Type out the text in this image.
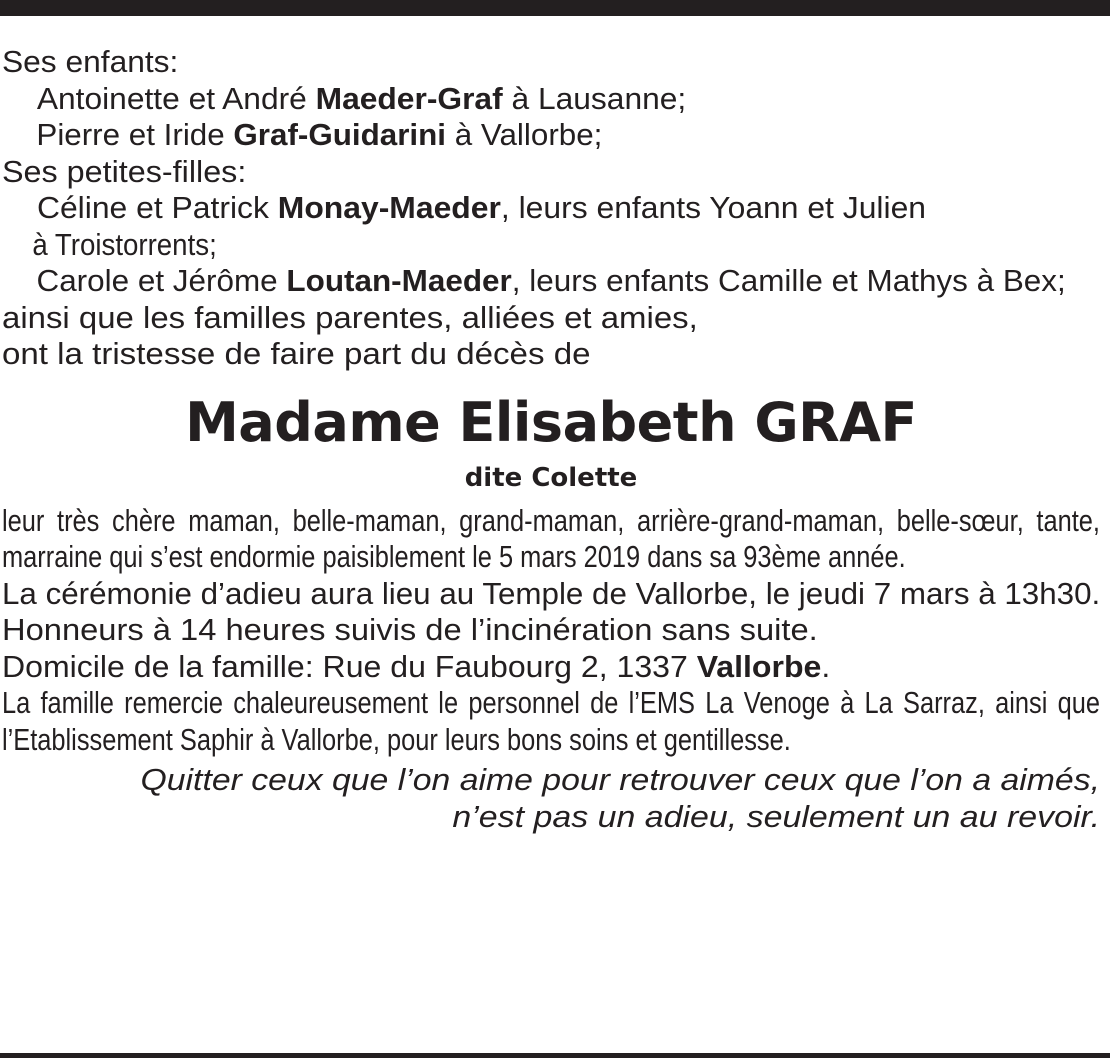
Ses enfants:
Antoinette et André Maeder-Graf à Lausanne;
Pierre et Iride Graf-Guidarini à Vallorbe;
Ses petites-filles:
Céline et Patrick Monay-Maeder, leurs enfants Yoann et Julien
à Troistorrents;
Carole et Jérôme Loutan-Maeder, leurs enfants Camille et Mathys à Bex;
ainsi que les familles parentes, alliées et amies,
ont la tristesse de faire part du décès de
Madame Elisabeth GRAF
dite Colette
leur très chère maman, belle-maman, grand-maman, arrière-grand-maman, belle-sœur, tante, marraine qui s’est endormie paisiblement le 5 mars 2019 dans sa 93ème année.
La cérémonie d’adieu aura lieu au Temple de Vallorbe, le jeudi 7 mars à 13h30.
Honneurs à 14 heures suivis de l’incinération sans suite.
Domicile de la famille: Rue du Faubourg 2, 1337 Vallorbe.
La famille remercie chaleureusement le personnel de l’EMS La Venoge à La Sarraz, ainsi que l’Etablissement Saphir à Vallorbe, pour leurs bons soins et gentillesse.
Quitter ceux que l’on aime pour retrouver ceux que l’on a aimés,
n’est pas un adieu, seulement un au revoir.
